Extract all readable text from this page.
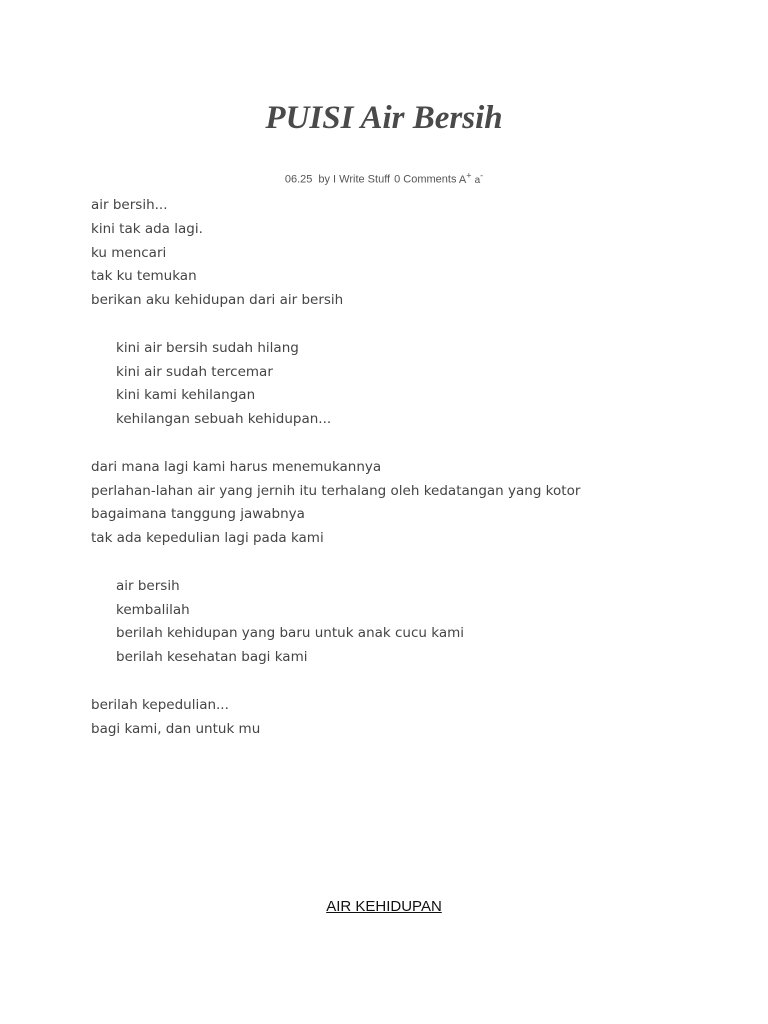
PUISI Air Bersih
06.25 by I Write Stuff 0 Comments A+ a-
air bersih...
kini tak ada lagi.
ku mencari
tak ku temukan
berikan aku kehidupan dari air bersih
kini air bersih sudah hilang
kini air sudah tercemar
kini kami kehilangan
kehilangan sebuah kehidupan...
dari mana lagi kami harus menemukannya
perlahan-lahan air yang jernih itu terhalang oleh kedatangan yang kotor
bagaimana tanggung jawabnya
tak ada kepedulian lagi pada kami
air bersih
kembalilah
berilah kehidupan yang baru untuk anak cucu kami
berilah kesehatan bagi kami
berilah kepedulian...
bagi kami, dan untuk mu
AIR KEHIDUPAN
